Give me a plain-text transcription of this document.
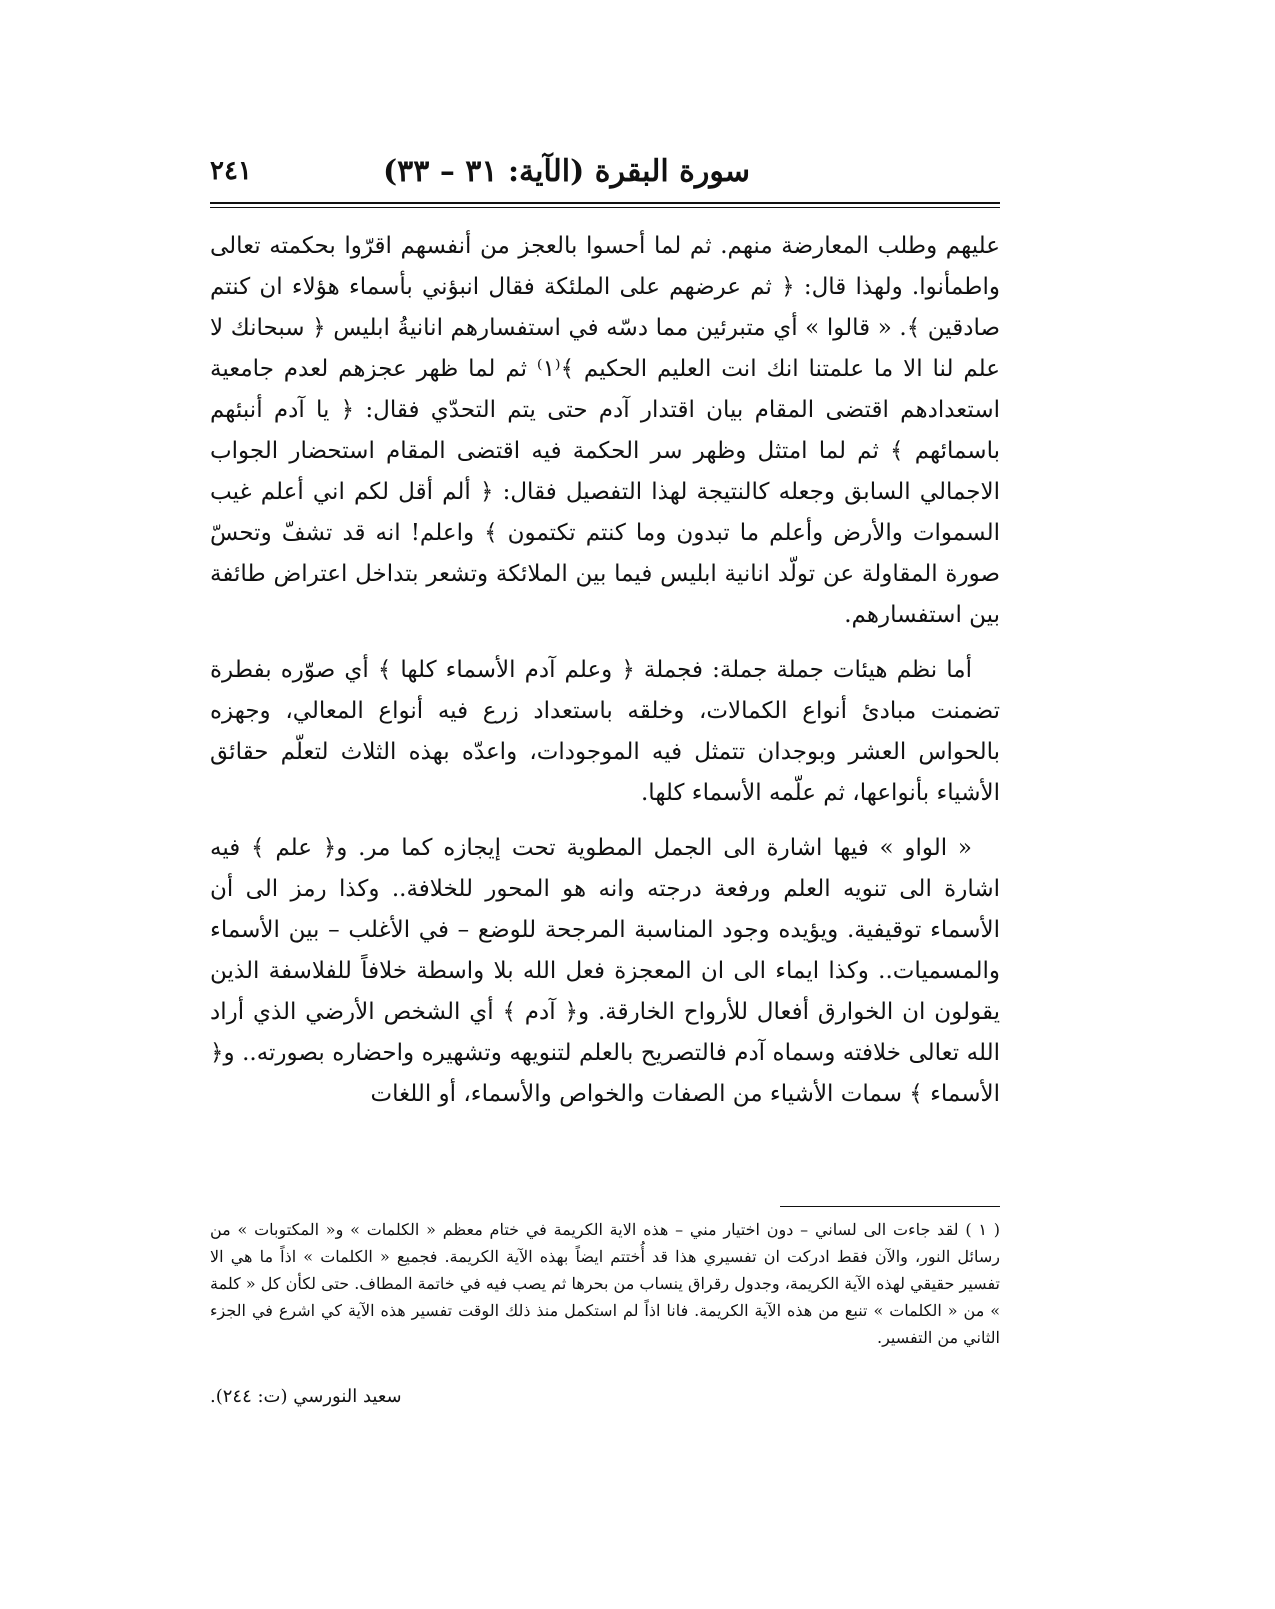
سورة البقرة (الآية: ٣١ – ٣٣)
٢٤١

عليهم وطلب المعارضة منهم. ثم لما أحسوا بالعجز من أنفسهم اقرّوا بحكمته تعالى واطمأنوا. ولهذا قال: ﴿ ثم عرضهم على الملئكة فقال انبؤني بأسماء هؤلاء ان كنتم صادقين ﴾. « قالوا » أي متبرئين مما دسّه في استفسارهم انانيةُ ابليس ﴿ سبحانك لا علم لنا الا ما علمتنا انك انت العليم الحكيم ﴾⁽١⁾ ثم لما ظهر عجزهم لعدم جامعية استعدادهم اقتضى المقام بيان اقتدار آدم حتى يتم التحدّي فقال: ﴿ يا آدم أنبئهم باسمائهم ﴾ ثم لما امتثل وظهر سر الحكمة فيه اقتضى المقام استحضار الجواب الاجمالي السابق وجعله كالنتيجة لهذا التفصيل فقال: ﴿ ألم أقل لكم اني أعلم غيب السموات والأرض وأعلم ما تبدون وما كنتم تكتمون ﴾ واعلم! انه قد تشفّ وتحسّ صورة المقاولة عن تولّد انانية ابليس فيما بين الملائكة وتشعر بتداخل اعتراض طائفة بين استفسارهم.

أما نظم هيئات جملة جملة: فجملة ﴿ وعلم آدم الأسماء كلها ﴾ أي صوّره بفطرة تضمنت مبادئ أنواع الكمالات، وخلقه باستعداد زرع فيه أنواع المعالي، وجهزه بالحواس العشر وبوجدان تتمثل فيه الموجودات، واعدّه بهذه الثلاث لتعلّم حقائق الأشياء بأنواعها، ثم علّمه الأسماء كلها.

« الواو » فيها اشارة الى الجمل المطوية تحت إيجازه كما مر. و﴿ علم ﴾ فيه اشارة الى تنويه العلم ورفعة درجته وانه هو المحور للخلافة.. وكذا رمز الى أن الأسماء توقيفية. ويؤيده وجود المناسبة المرجحة للوضع – في الأغلب – بين الأسماء والمسميات.. وكذا ايماء الى ان المعجزة فعل الله بلا واسطة خلافاً للفلاسفة الذين يقولون ان الخوارق أفعال للأرواح الخارقة. و﴿ آدم ﴾ أي الشخص الأرضي الذي أراد الله تعالى خلافته وسماه آدم فالتصريح بالعلم لتنويهه وتشهيره واحضاره بصورته.. و﴿ الأسماء ﴾ سمات الأشياء من الصفات والخواص والأسماء، أو اللغات

( ١ ) لقد جاءت الى لساني – دون اختيار مني – هذه الاية الكريمة في ختام معظم « الكلمات » و« المكتوبات » من رسائل النور، والآن فقط ادركت ان تفسيري هذا قد أُختتم ايضاً بهذه الآية الكريمة. فجميع « الكلمات » اذاً ما هي الا تفسير حقيقي لهذه الآية الكريمة، وجدول رقراق ينساب من بحرها ثم يصب فيه في خاتمة المطاف. حتى لكأن كل « كلمة » من « الكلمات » تنبع من هذه الآية الكريمة. فانا اذاً لم استكمل منذ ذلك الوقت تفسير هذه الآية كي اشرع في الجزء الثاني من التفسير.
سعيد النورسي (ت: ٢٤٤).
